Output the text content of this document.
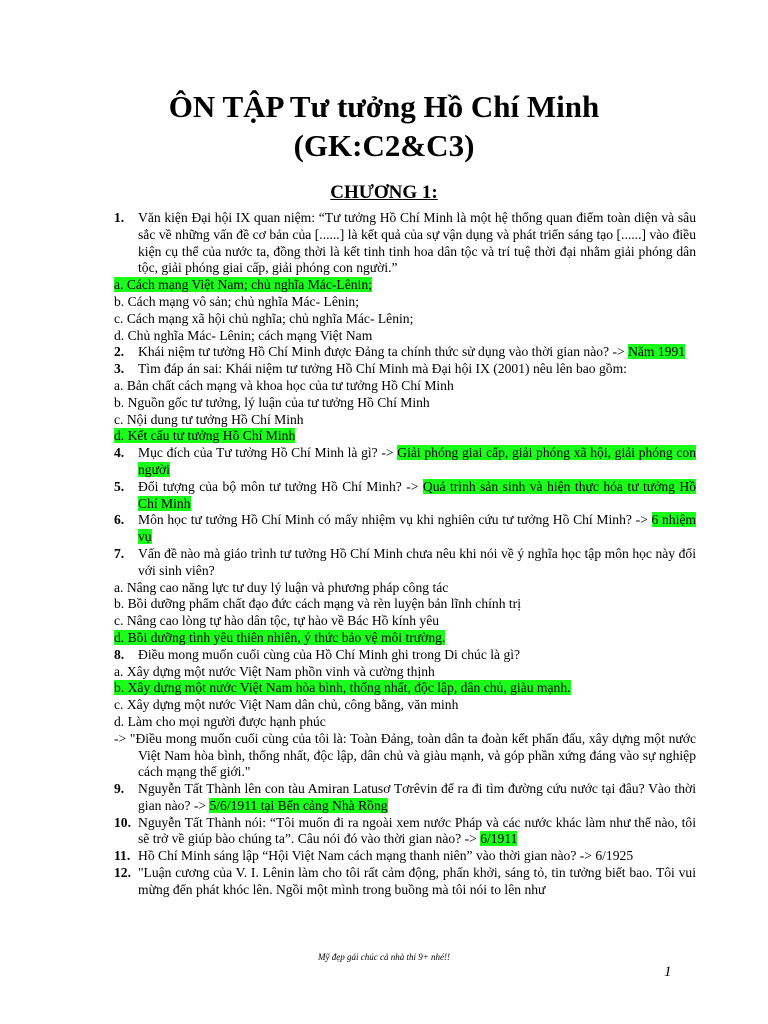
ÔN TẬP Tư tưởng Hồ Chí Minh
(GK:C2&C3)
CHƯƠNG 1:
1. Văn kiện Đại hội IX quan niệm: “Tư tưởng Hồ Chí Minh là một hệ thống quan điểm toàn diện và sâu sắc về những vấn đề cơ bản của [......] là kết quả của sự vận dụng và phát triển sáng tạo [......] vào điều kiện cụ thể của nước ta, đồng thời là kết tinh tinh hoa dân tộc và trí tuệ thời đại nhằm giải phóng dân tộc, giải phóng giai cấp, giải phóng con người.”
a. Cách mạng Việt Nam; chủ nghĩa Mác-Lênin;
b. Cách mạng vô sản; chủ nghĩa Mác- Lênin;
c. Cách mạng xã hội chủ nghĩa; chủ nghĩa Mác- Lênin;
d. Chủ nghĩa Mác- Lênin; cách mạng Việt Nam
2. Khái niệm tư tưởng Hồ Chí Minh được Đảng ta chính thức sử dụng vào thời gian nào? -> Năm 1991
3. Tìm đáp án sai: Khái niệm tư tưởng Hồ Chí Minh mà Đại hội IX (2001) nêu lên bao gồm:
a. Bản chất cách mạng và khoa học của tư tưởng Hồ Chí Minh
b. Nguồn gốc tư tưởng, lý luận của tư tưởng Hồ Chí Minh
c. Nội dung tư tưởng Hồ Chí Minh
d. Kết cấu tư tưởng Hồ Chí Minh
4. Mục đích của Tư tưởng Hồ Chí Minh là gì? -> Giải phóng giai cấp, giải phóng xã hội, giải phóng con người
5. Đối tượng của bộ môn tư tưởng Hồ Chí Minh? -> Quá trình sản sinh và hiện thực hóa tư tưởng Hồ Chí Minh
6. Môn học tư tưởng Hồ Chí Minh có mấy nhiệm vụ khi nghiên cứu tư tưởng Hồ Chí Minh? -> 6 nhiệm vụ
7. Vấn đề nào mà giáo trình tư tưởng Hồ Chí Minh chưa nêu khi nói về ý nghĩa học tập môn học này đối với sinh viên?
a. Nâng cao năng lực tư duy lý luận và phương pháp công tác
b. Bồi dưỡng phẩm chất đạo đức cách mạng và rèn luyện bản lĩnh chính trị
c. Nâng cao lòng tự hào dân tộc, tự hào về Bác Hồ kính yêu
d. Bồi dưỡng tình yêu thiên nhiên, ý thức bảo vệ môi trường.
8. Điều mong muốn cuối cùng của Hồ Chí Minh ghi trong Di chúc là gì?
a. Xây dựng một nước Việt Nam phồn vinh và cường thịnh
b. Xây dựng một nước Việt Nam hòa bình, thống nhất, độc lập, dân chủ, giàu mạnh.
c. Xây dựng một nước Việt Nam dân chủ, công bằng, văn minh
d. Làm cho mọi người được hạnh phúc
-> "Điều mong muốn cuối cùng của tôi là: Toàn Đảng, toàn dân ta đoàn kết phấn đấu, xây dựng một nước Việt Nam hòa bình, thống nhất, độc lập, dân chủ và giàu mạnh, và góp phần xứng đáng vào sự nghiệp cách mạng thế giới."
9. Nguyễn Tất Thành lên con tàu Amiran Latusơ Tơrêvin để ra đi tìm đường cứu nước tại đâu? Vào thời gian nào? -> 5/6/1911 tại Bến cảng Nhà Rồng
10. Nguyễn Tất Thành nói: “Tôi muốn đi ra ngoài xem nước Pháp và các nước khác làm như thế nào, tôi sẽ trở về giúp bào chúng ta”. Câu nói đó vào thời gian nào? -> 6/1911
11. Hồ Chí Minh sáng lập “Hội Việt Nam cách mạng thanh niên” vào thời gian nào? -> 6/1925
12. "Luận cương của V. I. Lênin làm cho tôi rất cảm động, phấn khởi, sáng tỏ, tin tưởng biết bao. Tôi vui mừng đến phát khóc lên. Ngồi một mình trong buồng mà tôi nói to lên như
Mỹ đẹp gái chúc cả nhà thi 9+ nhé!!
1
